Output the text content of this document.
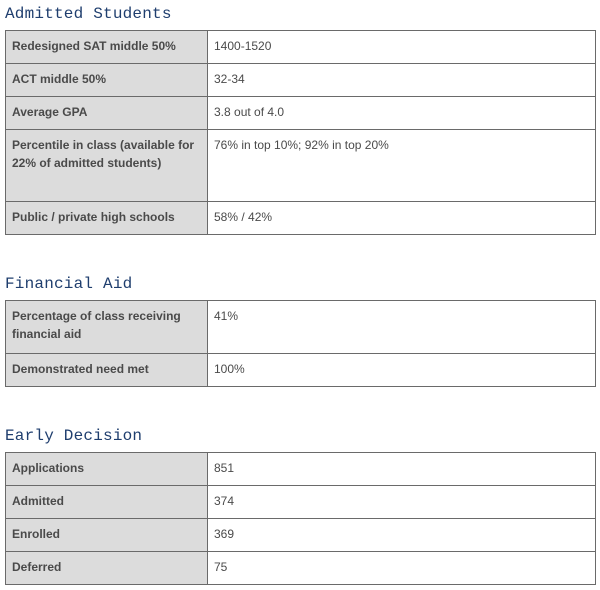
Admitted Students
Redesigned SAT middle 50%	1400-1520
ACT middle 50%	32-34
Average GPA	3.8 out of 4.0
Percentile in class (available for 22% of admitted students)	76% in top 10%; 92% in top 20%
Public / private high schools	58% / 42%
Financial Aid
Percentage of class receiving financial aid	41%
Demonstrated need met	100%
Early Decision
Applications	851
Admitted	374
Enrolled	369
Deferred	75
